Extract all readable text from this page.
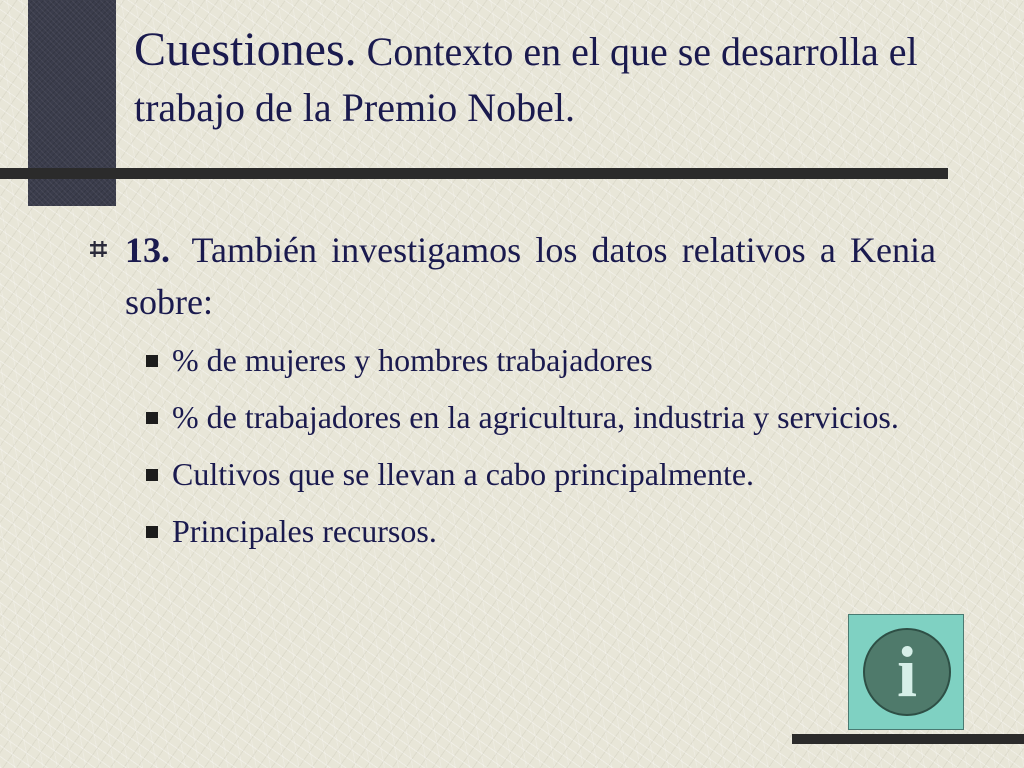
Cuestiones. Contexto en el que se desarrolla el trabajo de la Premio Nobel.

⌗ 13. También investigamos los datos relativos a Kenia sobre:

% de mujeres y hombres trabajadores
% de trabajadores en la agricultura, industria y servicios.
Cultivos que se llevan a cabo principalmente.
Principales recursos.
i
